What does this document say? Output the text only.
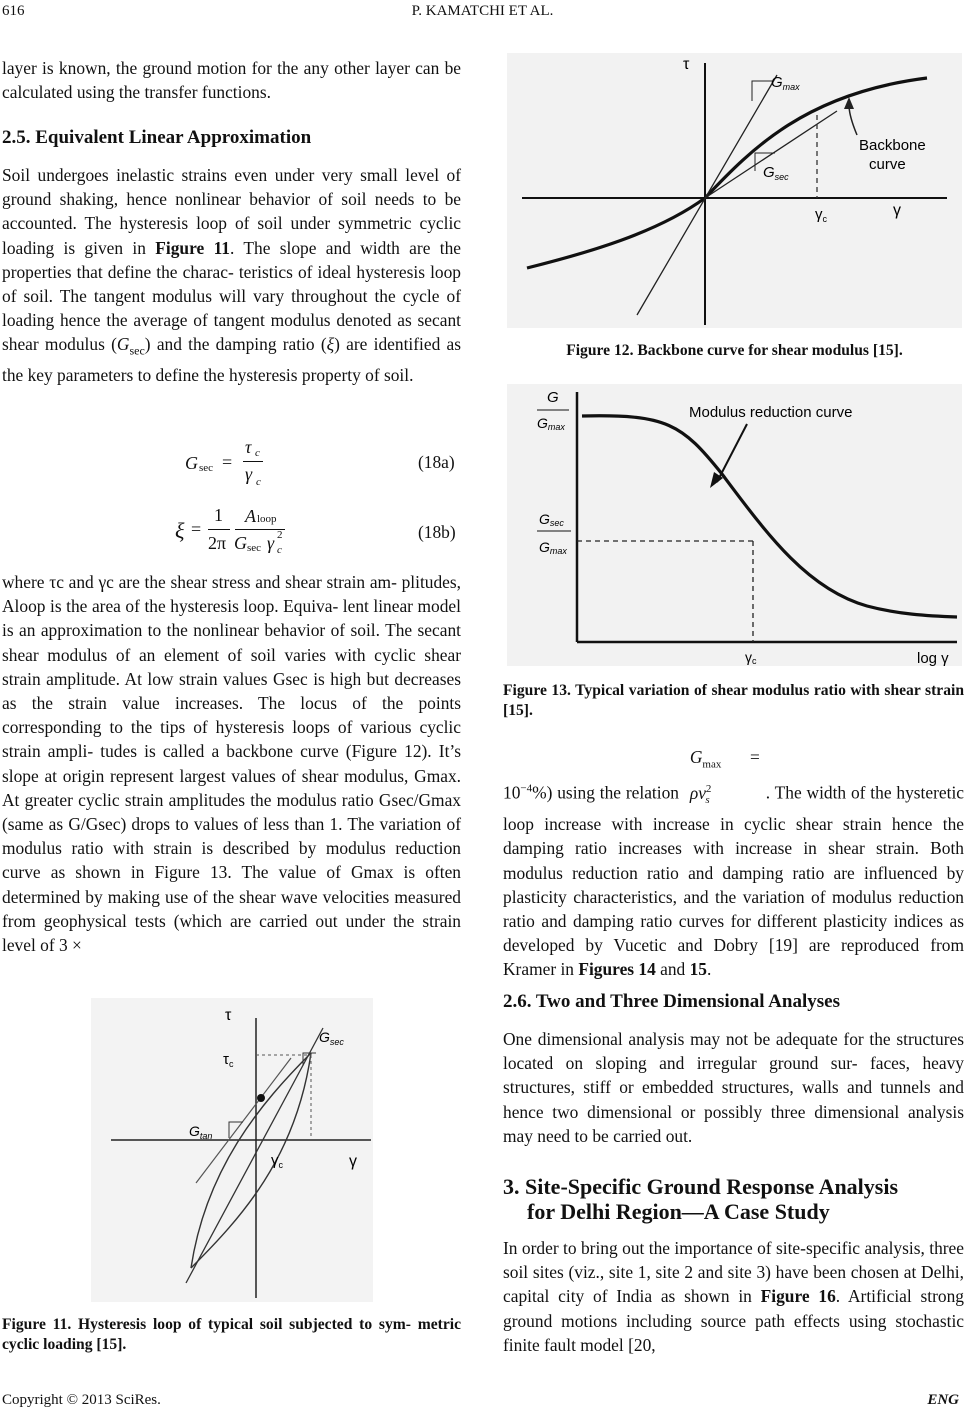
616	P. KAMATCHI ET AL.

layer is known, the ground motion for the any other layer can be calculated using the transfer functions.

2.5. Equivalent Linear Approximation

Soil undergoes inelastic strains even under very small level of ground shaking, hence nonlinear behavior of soil needs to be accounted. The hysteresis loop of soil under symmetric cyclic loading is given in Figure 11. The slope and width are the properties that define the charac- teristics of ideal hysteresis loop of soil. The tangent modulus will vary throughout the cycle of loading hence the average of tangent modulus denoted as secant shear modulus $(G_{sec})$ and the damping ratio (ξ) are identified as the key parameters to define the hysteresis property of soil.

G sec =
τ c
γ c
(18a)
ξ =
1
2π
A loop
G sec γ 2
c
(18b)

where τc and γc are the shear stress and shear strain am- plitudes, Aloop is the area of the hysteresis loop. Equiva- lent linear model is an approximation to the nonlinear behavior of soil. The secant shear modulus of an element of soil varies with cyclic shear strain amplitude. At low strain values Gsec is high but decreases as the strain value increases. The locus of the points corresponding to the tips of hysteresis loops of various cyclic strain ampli- tudes is called a backbone curve (Figure 12). It’s slope at origin represent largest values of shear modulus, Gmax. At greater cyclic strain amplitudes the modulus ratio Gsec/Gmax (same as G/Gsec) drops to values of less than 1. The variation of modulus ratio with strain is described by modulus reduction curve as shown in Figure 13. The value of Gmax is often determined by making use of the shear wave velocities measured from geophysical tests (which are carried out under the strain level of 3 ×

τ
$\tau_c$
$G_{sec}$
$G_{tan}$
γ
$\gamma_c$
Figure 11. Hysteresis loop of typical soil subjected to sym- metric cyclic loading [15].
τ
$G_{max}$
$G_{sec}$
Backbone
curve
γ
$\gamma_c$
Figure 12. Backbone curve for shear modulus [15].
G
Gmax
Gsec
Gmax
Modulus reduction curve
γc	log γ
Figure 13. Typical variation of shear modulus ratio with shear strain [15].

$10^{-4}\%$) using the relation $G_{max} = \rho v^2_s$	. The width of the hysteretic loop increase with increase in cyclic shear strain hence the damping ratio increases with increase in shear strain. Both modulus reduction ratio and damping ratio are influenced by plasticity characteristics, and the variation of modulus reduction ratio and damping ratio curves for different plasticity indices as developed by Vucetic and Dobry [19] are reproduced from Kramer in Figures 14 and 15.

2.6. Two and Three Dimensional Analyses

One dimensional analysis may not be adequate for the structures located on sloping and irregular ground sur- faces, heavy structures, stiff or embedded structures, walls and tunnels and hence two dimensional or possibly three dimensional analysis may need to be carried out.

3. Site-Specific Ground Response Analysis
for Delhi Region—A Case Study

In order to bring out the importance of site-specific analysis, three soil sites (viz., site 1, site 2 and site 3) have been chosen at Delhi, capital city of India as shown in Figure 16. Artificial strong ground motions including source path effects using stochastic finite fault model [20,

Copyright © 2013 SciRes.	ENG
